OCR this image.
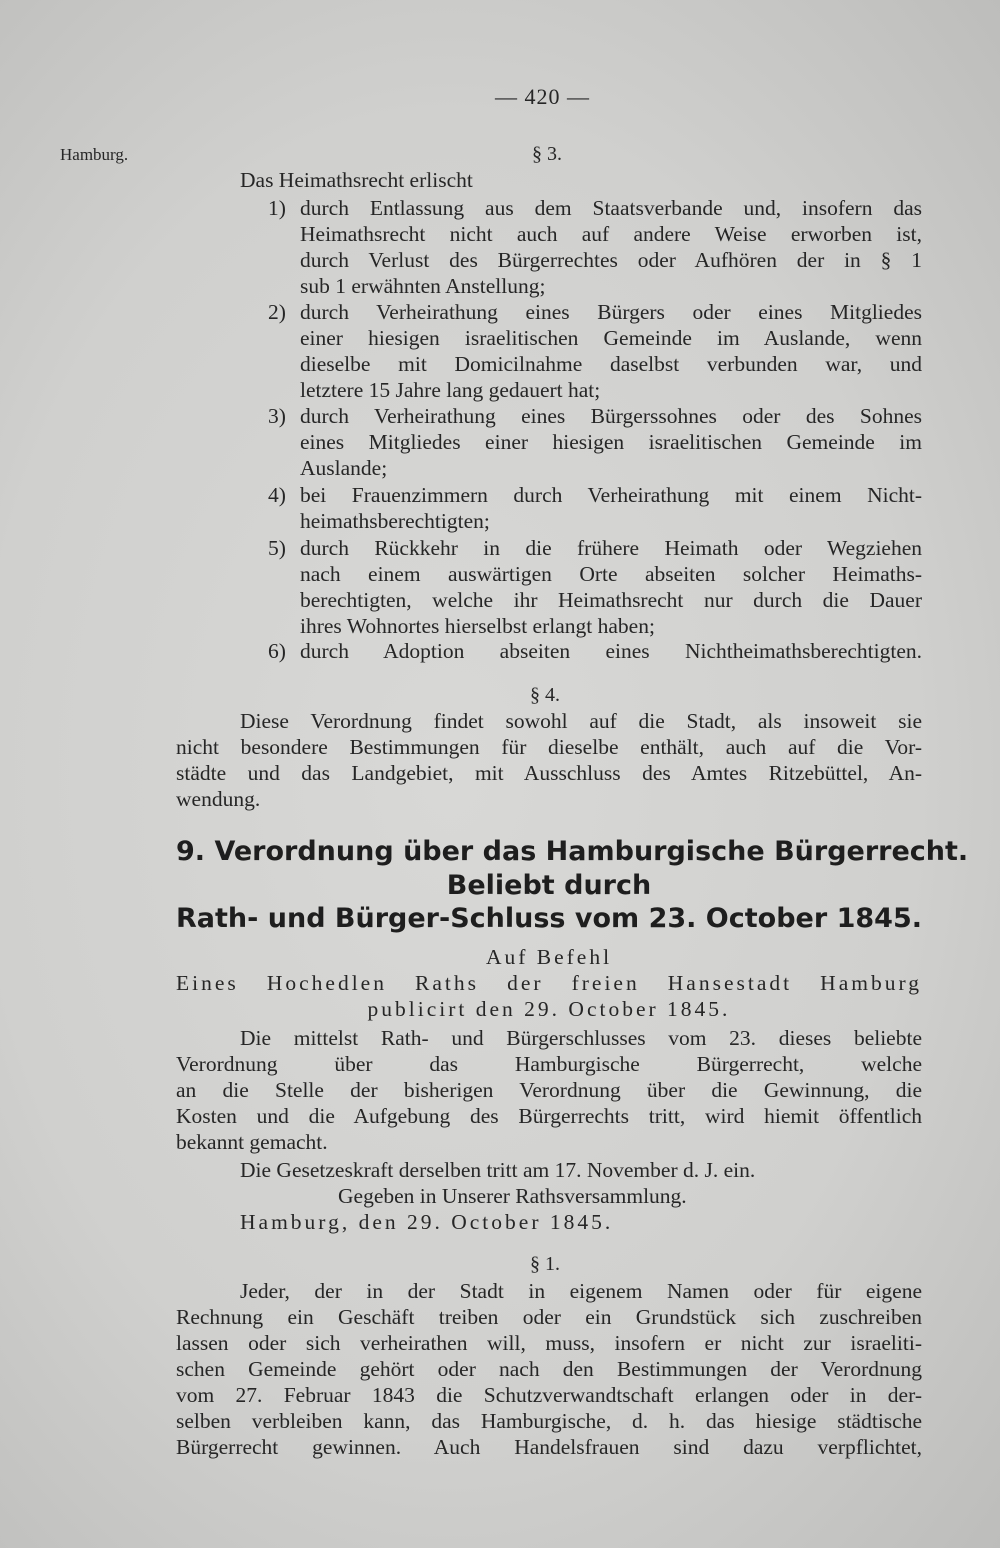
— 420 —
Hamburg.	§ 3.
Das Heimathsrecht erlischt
1) durch Entlassung aus dem Staatsverbande und, insofern das
Heimathsrecht nicht auch auf andere Weise erworben ist,
durch Verlust des Bürgerrechtes oder Aufhören der in § 1
sub 1 erwähnten Anstellung;
2) durch Verheirathung eines Bürgers oder eines Mitgliedes
einer hiesigen israelitischen Gemeinde im Auslande, wenn
dieselbe mit Domicilnahme daselbst verbunden war, und
letztere 15 Jahre lang gedauert hat;
3) durch Verheirathung eines Bürgerssohnes oder des Sohnes
eines Mitgliedes einer hiesigen israelitischen Gemeinde im
Auslande;
4) bei Frauenzimmern durch Verheirathung mit einem Nicht-
heimathsberechtigten;
5) durch Rückkehr in die frühere Heimath oder Wegziehen
nach einem auswärtigen Orte abseiten solcher Heimaths-
berechtigten, welche ihr Heimathsrecht nur durch die Dauer
ihres Wohnortes hierselbst erlangt haben;
6) durch Adoption abseiten eines Nichtheimathsberechtigten.
§ 4.
Diese Verordnung findet sowohl auf die Stadt, als insoweit sie
nicht besondere Bestimmungen für dieselbe enthält, auch auf die Vor-
städte und das Landgebiet, mit Ausschluss des Amtes Ritzebüttel, An-
wendung.
9. Verordnung über das Hamburgische Bürgerrecht.
Beliebt durch
Rath- und Bürger-Schluss vom 23. October 1845.
Auf Befehl
Eines Hochedlen Raths der freien Hansestadt Hamburg
publicirt den 29. October 1845.
Die mittelst Rath- und Bürgerschlusses vom 23. dieses beliebte
Verordnung über das Hamburgische Bürgerrecht, welche
an die Stelle der bisherigen Verordnung über die Gewinnung, die
Kosten und die Aufgebung des Bürgerrechts tritt, wird hiemit öffentlich
bekannt gemacht.
Die Gesetzeskraft derselben tritt am 17. November d. J. ein.
Gegeben in Unserer Rathsversammlung.
Hamburg, den 29. October 1845.
§ 1.
Jeder, der in der Stadt in eigenem Namen oder für eigene
Rechnung ein Geschäft treiben oder ein Grundstück sich zuschreiben
lassen oder sich verheirathen will, muss, insofern er nicht zur israeliti-
schen Gemeinde gehört oder nach den Bestimmungen der Verordnung
vom 27. Februar 1843 die Schutzverwandtschaft erlangen oder in der-
selben verbleiben kann, das Hamburgische, d. h. das hiesige städtische
Bürgerrecht gewinnen. Auch Handelsfrauen sind dazu verpflichtet,
